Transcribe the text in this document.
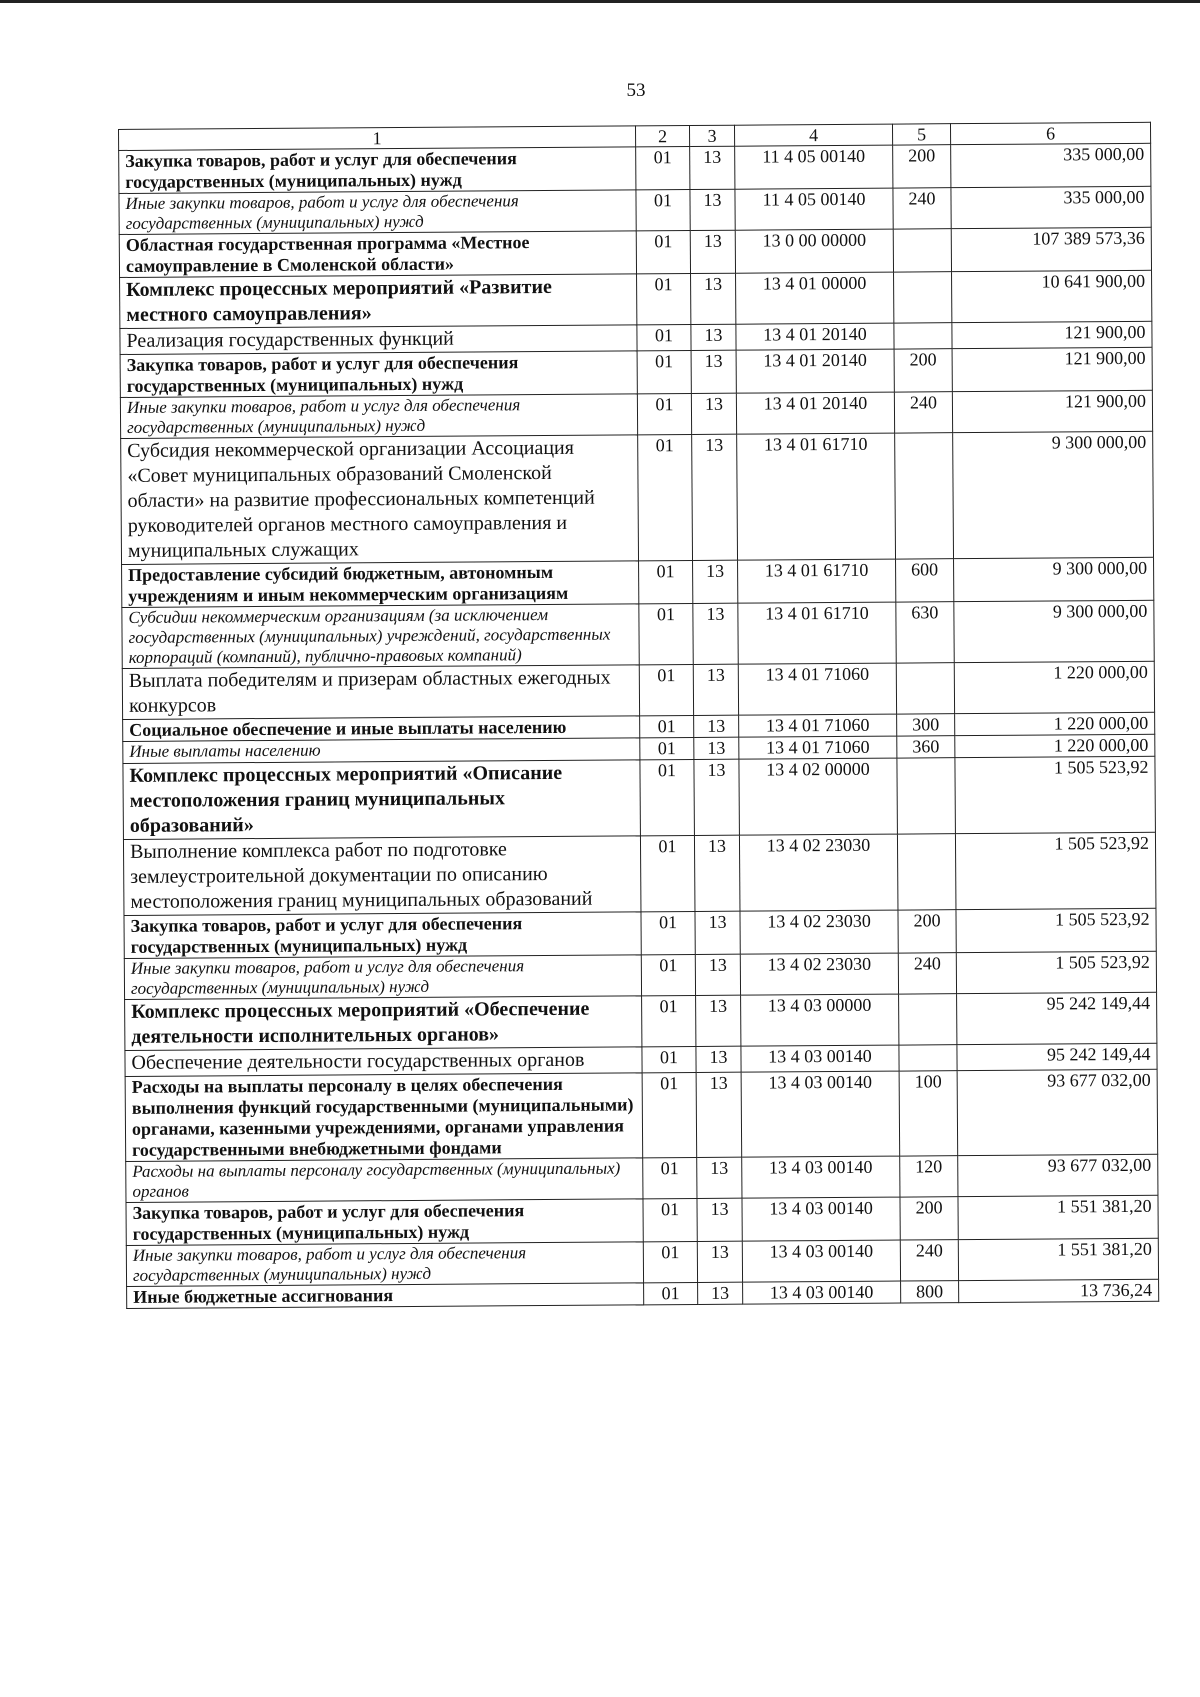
53
1	2	3	4	5	6
Закупка товаров, работ и услуг для обеспечения государственных (муниципальных) нужд	01	13	11 4 05 00140	200	335 000,00
Иные закупки товаров, работ и услуг для обеспечения государственных (муниципальных) нужд	01	13	11 4 05 00140	240	335 000,00
Областная государственная программа «Местное самоуправление в Смоленской области»	01	13	13 0 00 00000		107 389 573,36
Комплекс процессных мероприятий «Развитие местного самоуправления»	01	13	13 4 01 00000		10 641 900,00
Реализация государственных функций	01	13	13 4 01 20140		121 900,00
Закупка товаров, работ и услуг для обеспечения государственных (муниципальных) нужд	01	13	13 4 01 20140	200	121 900,00
Иные закупки товаров, работ и услуг для обеспечения государственных (муниципальных) нужд	01	13	13 4 01 20140	240	121 900,00
Субсидия некоммерческой организации Ассоциация «Совет муниципальных образований Смоленской области» на развитие профессиональных компетенций руководителей органов местного самоуправления и муниципальных служащих	01	13	13 4 01 61710		9 300 000,00
Предоставление субсидий бюджетным, автономным учреждениям и иным некоммерческим организациям	01	13	13 4 01 61710	600	9 300 000,00
Субсидии некоммерческим организациям (за исключением государственных (муниципальных) учреждений, государственных корпораций (компаний), публично-правовых компаний)	01	13	13 4 01 61710	630	9 300 000,00
Выплата победителям и призерам областных ежегодных конкурсов	01	13	13 4 01 71060		1 220 000,00
Социальное обеспечение и иные выплаты населению	01	13	13 4 01 71060	300	1 220 000,00
Иные выплаты населению	01	13	13 4 01 71060	360	1 220 000,00
Комплекс процессных мероприятий «Описание местоположения границ муниципальных образований»	01	13	13 4 02 00000		1 505 523,92
Выполнение комплекса работ по подготовке землеустроительной документации по описанию местоположения границ муниципальных образований	01	13	13 4 02 23030		1 505 523,92
Закупка товаров, работ и услуг для обеспечения государственных (муниципальных) нужд	01	13	13 4 02 23030	200	1 505 523,92
Иные закупки товаров, работ и услуг для обеспечения государственных (муниципальных) нужд	01	13	13 4 02 23030	240	1 505 523,92
Комплекс процессных мероприятий «Обеспечение деятельности исполнительных органов»	01	13	13 4 03 00000		95 242 149,44
Обеспечение деятельности государственных органов	01	13	13 4 03 00140		95 242 149,44
Расходы на выплаты персоналу в целях обеспечения выполнения функций государственными (муниципальными) органами, казенными учреждениями, органами управления государственными внебюджетными фондами	01	13	13 4 03 00140	100	93 677 032,00
Расходы на выплаты персоналу государственных (муниципальных) органов	01	13	13 4 03 00140	120	93 677 032,00
Закупка товаров, работ и услуг для обеспечения государственных (муниципальных) нужд	01	13	13 4 03 00140	200	1 551 381,20
Иные закупки товаров, работ и услуг для обеспечения государственных (муниципальных) нужд	01	13	13 4 03 00140	240	1 551 381,20
Иные бюджетные ассигнования	01	13	13 4 03 00140	800	13 736,24
